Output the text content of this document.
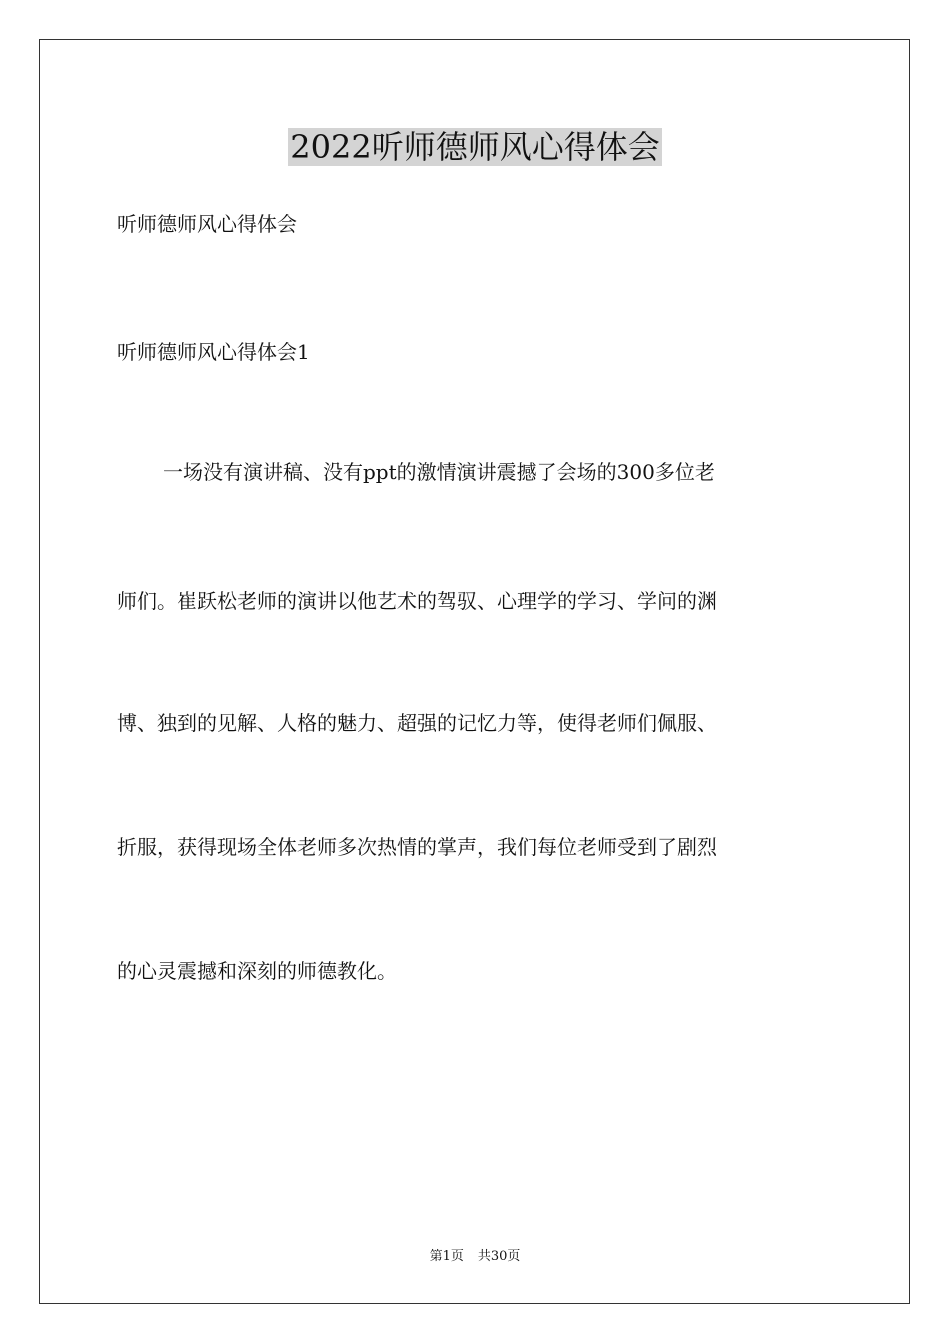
2022听师德师风心得体会

听师德师风心得体会

听师德师风心得体会1

一场没有演讲稿、没有ppt的激情演讲震撼了会场的300多位老

师们。崔跃松老师的演讲以他艺术的驾驭、心理学的学习、学问的渊

博、独到的见解、人格的魅力、超强的记忆力等，使得老师们佩服、

折服，获得现场全体老师多次热情的掌声，我们每位老师受到了剧烈

的心灵震撼和深刻的师德教化。

第1页 共30页
